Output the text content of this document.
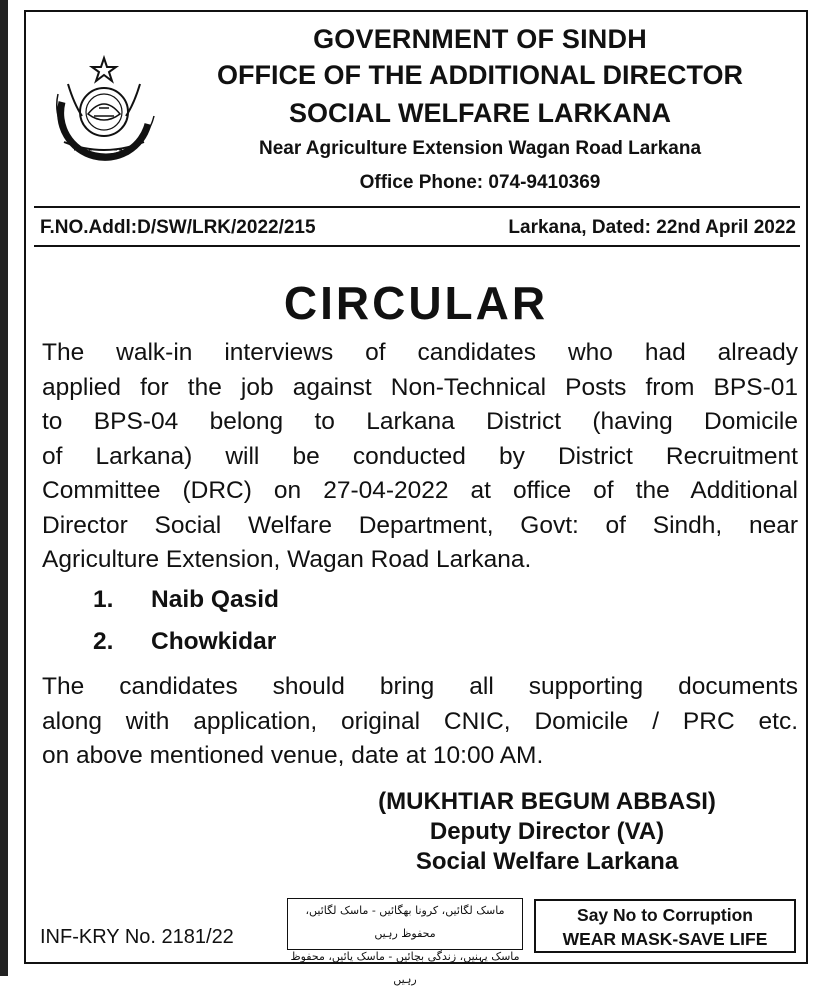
GOVERNMENT OF SINDH
OFFICE OF THE ADDITIONAL DIRECTOR
SOCIAL WELFARE LARKANA
Near Agriculture Extension Wagan Road Larkana
Office Phone: 074-9410369
F.NO.Addl:D/SW/LRK/2022/215	Larkana, Dated: 22nd April 2022
CIRCULAR
The walk-in interviews of candidates who had already
applied for the job against Non-Technical Posts from BPS-01
to BPS-04 belong to Larkana District (having Domicile
of Larkana) will be conducted by District Recruitment
Committee (DRC) on 27-04-2022 at office of the Additional
Director Social Welfare Department, Govt: of Sindh, near
Agriculture Extension, Wagan Road Larkana.
1. Naib Qasid
2. Chowkidar
The candidates should bring all supporting documents
along with application, original CNIC, Domicile / PRC etc.
on above mentioned venue, date at 10:00 AM.
(MUKHTIAR BEGUM ABBASI)
Deputy Director (VA)
Social Welfare Larkana
INF-KRY No. 2181/22
ماسک لگائیں، کرونا بھگائیں - ماسک لگائیں، محفوظ رہیں
ماسک پہنیں، زندگی بچائیں - ماسک پائیں، محفوظ رہیں
Say No to Corruption
WEAR MASK-SAVE LIFE
